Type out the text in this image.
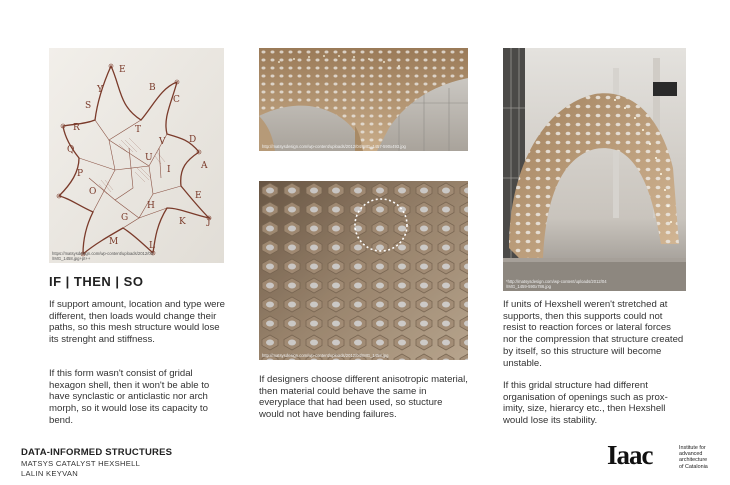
S
Y
E
B
C
D
A
E
R
Q
P
O
M	L
K J
H
I
G
T
U
V
https://matsysdesign.com/wp-content/uploads/2012/04
/IMG_1458.jpg+pt++
http://matsysdesign.com/wp-content/uploads/2012/04/IMG_1457-590x493.jpg
http://matsysdesign.com/wp-content/uploads/2012/04/IMG_1458.jpg
*http://matsysdesign.com/wp-content/uploads/2012/04
/IMG_1459-590x786.jpg
IF | THEN | SO
If support amount, location and type were different, then loads would change their paths, so this mesh structure would lose its strenght and stiffness.
If this form wasn't consist of gridal hexagon shell, then it won't be able to have synclastic or anticlastic nor arch morph, so it would lose its capacity to bend.
If designers choose different anisotropic material, then material could behave the same in everyplace that had been used, so stucture would not have bending failures.
If units of Hexshell weren't stretched at supports, then this supports could not resist to reaction forces or lateral forces nor the compression that structure created by itself, so this structure will become unstable.
If this gridal structure had different organisation of openings such as prox-imity, size, hierarcy etc., then Hexshell would lose its stability.
DATA-INFORMED STRUCTURES
MATSYS CATALYST HEXSHELL
LALIN KEYVAN
Iaac	Institute for
advanced
architecture
of Catalonia
